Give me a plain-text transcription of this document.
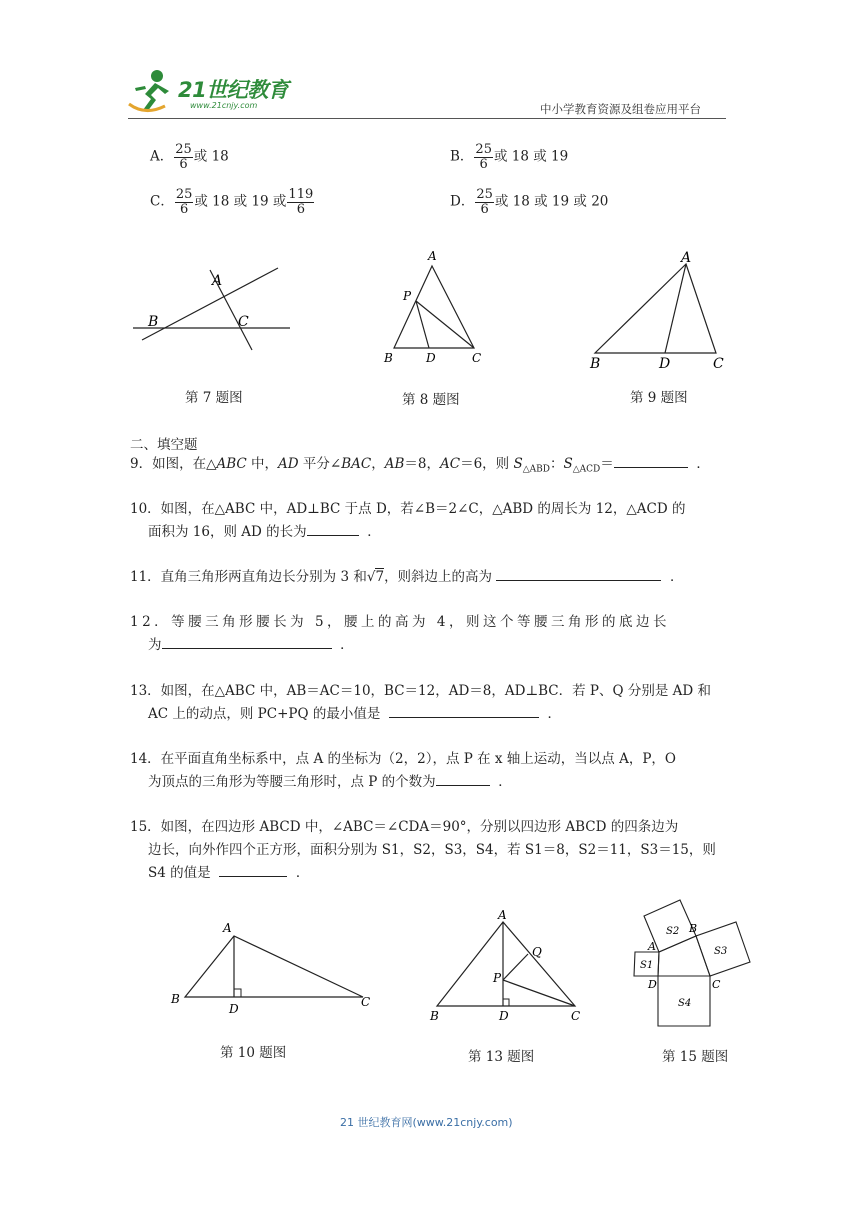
21世纪教育
www.21cnjy.com	中小学教育资源及组卷应用平台
A． $\frac{25}{6}$ 或 18	B． $\frac{25}{6}$ 或 18 或 19
C． $\frac{25}{6}$ 或 18 或 19 或 $\frac{119}{6}$	D． $\frac{25}{6}$ 或 18 或 19 或 20
A
B	C
第 7 题图
A
P
B	D	C
第 8 题图
A
B	D	C
第 9 题图
二、填空题
9．如图，在△ABC 中，AD 平分∠BAC，AB＝8，AC＝6，则 $S_{\triangle ABD}$：$S_{\triangle ACD}=$	．
10．如图，在△ABC 中，AD⊥BC 于点 D，若∠B＝2∠C，△ABD 的周长为 12，△ACD 的
面积为 16，则 AD 的长为	．
11．直角三角形两直角边长分别为 3 和√7，则斜边上的高为	．
12．等腰三角形腰长为 5，腰上的高为 4，则这个等腰三角形的底边长
为	．
13．如图，在△ABC 中，AB＝AC＝10，BC＝12，AD＝8，AD⊥BC．若 P、Q 分别是 AD 和
AC 上的动点，则 PC+PQ 的最小值是	．
14．在平面直角坐标系中，点 A 的坐标为（2，2），点 P 在 x 轴上运动，当以点 A，P，O
为顶点的三角形为等腰三角形时，点 P 的个数为	．
15．如图，在四边形 ABCD 中，∠ABC＝∠CDA＝90°，分别以四边形 ABCD 的四条边为
边长，向外作四个正方形，面积分别为 S1，S2，S3，S4，若 S1＝8，S2＝11，S3＝15，则
S4 的值是	．
A
B
D	C
第 10 题图
A
Q
P
B	D	C
第 13 题图
S2 B
A	S3
S1
D	C
S4
第 15 题图
21 世纪教育网(www.21cnjy.com)
